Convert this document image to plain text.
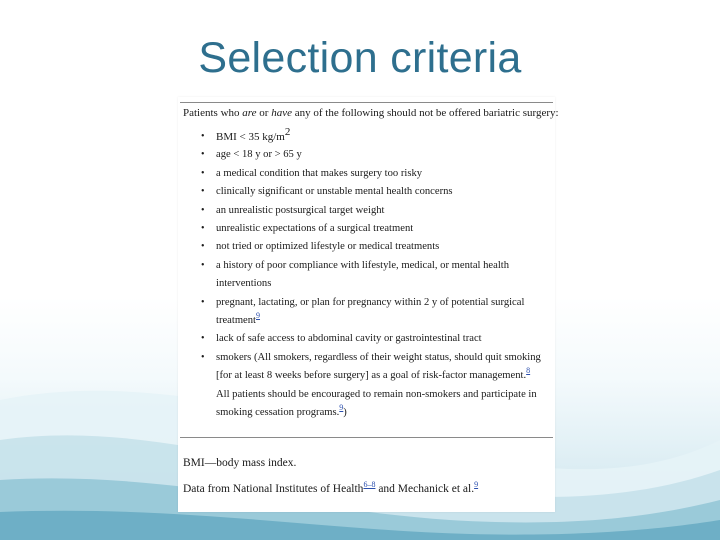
Selection criteria
Patients who are or have any of the following should not be offered bariatric surgery:
• BMI < 35 $kg/m^2$
• age < 18 y or > 65 y
• a medical condition that makes surgery too risky
• clinically significant or unstable mental health concerns
• an unrealistic postsurgical target weight
• unrealistic expectations of a surgical treatment
• not tried or optimized lifestyle or medical treatments
• a history of poor compliance with lifestyle, medical, or mental health interventions
• pregnant, lactating, or plan for pregnancy within 2 y of potential surgical treatment$^9$
• lack of safe access to abdominal cavity or gastrointestinal tract
• smokers (All smokers, regardless of their weight status, should quit smoking [for at least 8 weeks before surgery] as a goal of risk-factor management.$^8$ All patients should be encouraged to remain non-smokers and participate in smoking cessation programs.$^9$)
BMI—body mass index.
Data from National Institutes of Health$^{6-8}$ and Mechanick et al.$^9$
